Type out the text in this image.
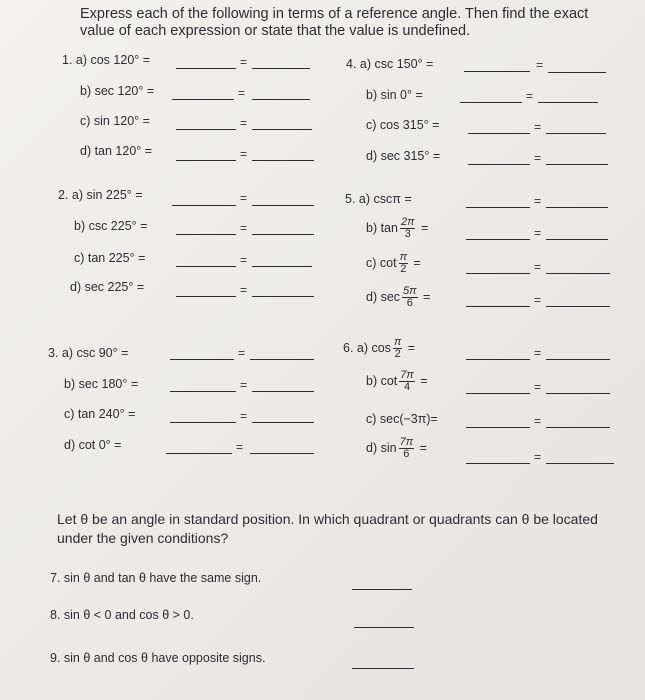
Express each of the following in terms of a reference angle. Then find the exact value of each expression or state that the value is undefined.
1. a) cos 120° =
b) sec 120° =
c) sin 120° =
d) tan 120° =
2. a) sin 225° =
b) csc 225° =
c) tan 225° =
d) sec 225° =
3. a) csc 90° =
b) sec 180° =
c) tan 240° =
d) cot 0° =
4. a) csc 150° =
b) sin 0° =
c) cos 315° =
d) sec 315° =
5. a) cscπ =
b) $\tan \frac{2\pi}{3}$ =
c) $\cot \frac{\pi}{2}$ =
d) $\sec \frac{5\pi}{6}$ =
6. a) $\cos \frac{\pi}{2}$ =
b) $\cot \frac{7\pi}{4}$ =
c) sec(−3π)=
d) $\sin \frac{7\pi}{6}$ =
=
=
=
=
=
=
=
=
=
=
=
=
=
=
=
=
=
=
=
=
=
=
=
=
Let θ be an angle in standard position. In which quadrant or quadrants can θ be located under the given conditions?
7. sin θ and tan θ have the same sign.
8. sin θ < 0 and cos θ > 0.
9. sin θ and cos θ have opposite signs.
